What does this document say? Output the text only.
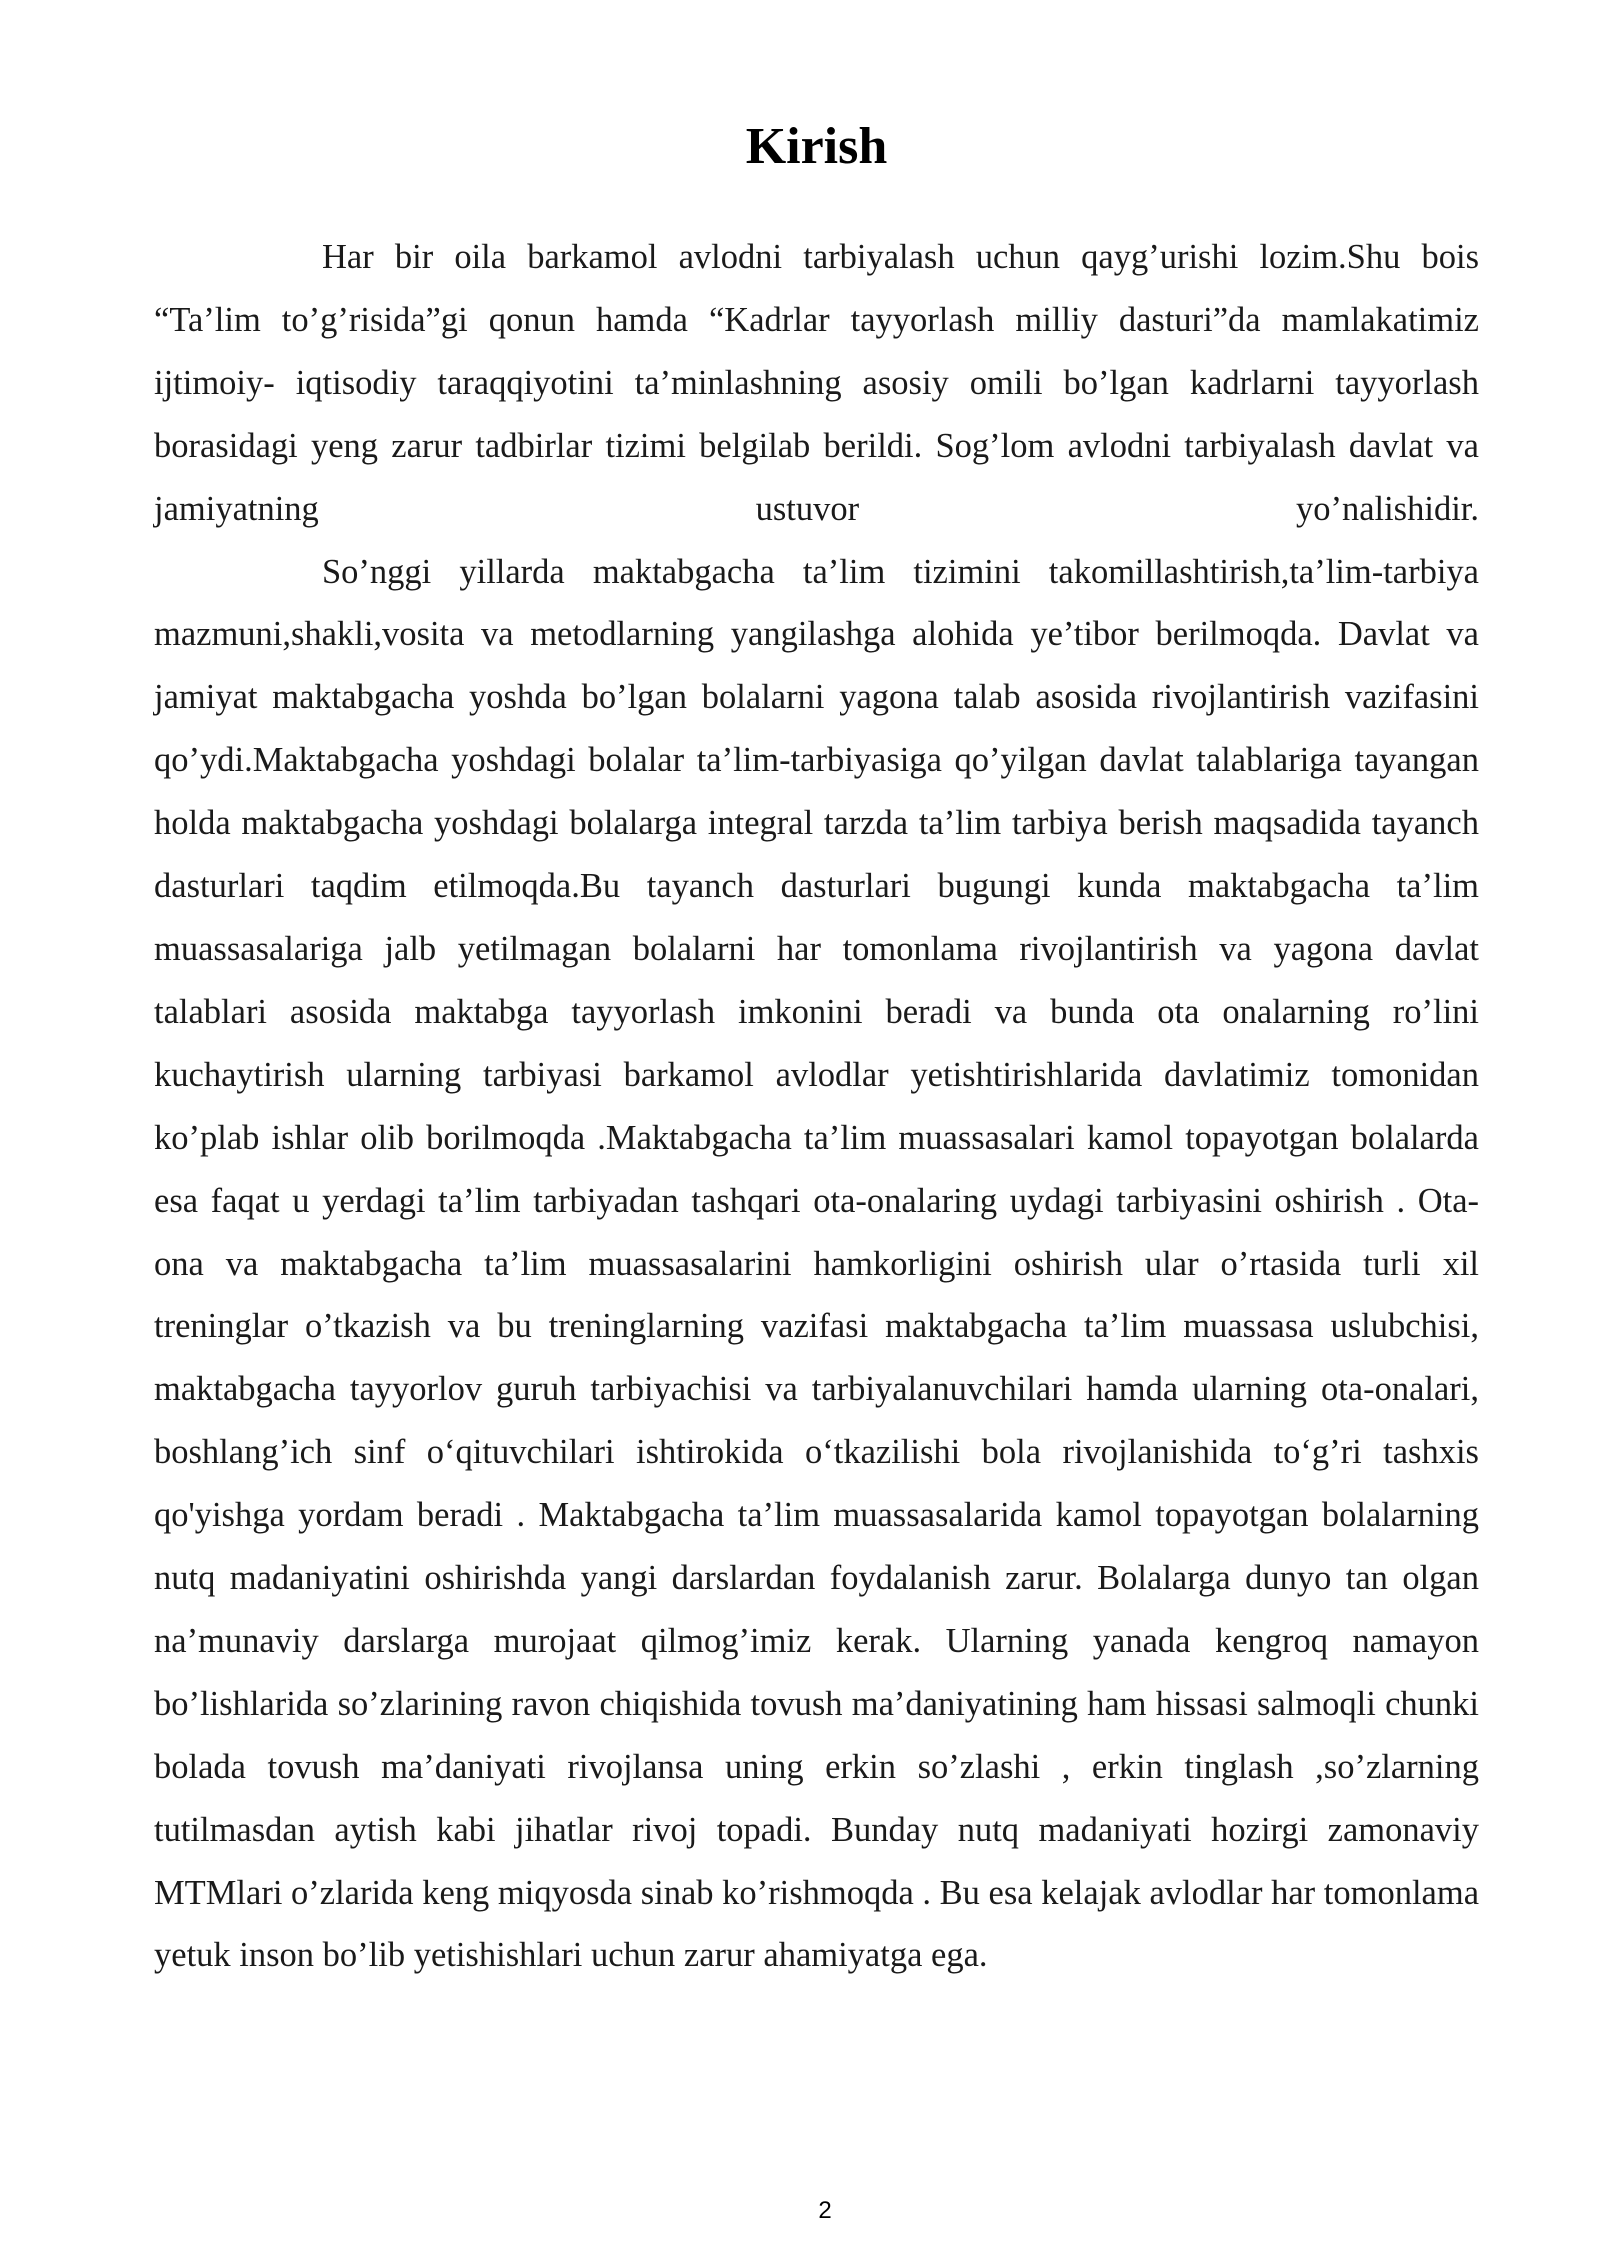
Kirish

Har bir oila barkamol avlodni tarbiyalash uchun qayg’urishi lozim.Shu bois “Ta’lim to’g’risida”gi qonun hamda “Kadrlar tayyorlash milliy dasturi”da mamlakatimiz ijtimoiy- iqtisodiy taraqqiyotini ta’minlashning asosiy omili bo’lgan kadrlarni tayyorlash borasidagi yeng zarur tadbirlar tizimi belgilab berildi. Sog’lom avlodni tarbiyalash davlat va jamiyatning ustuvor yo’nalishidir.

So’nggi yillarda maktabgacha ta’lim tizimini takomillashtirish,ta’lim-tarbiya mazmuni,shakli,vosita va metodlarning yangilashga alohida ye’tibor berilmoqda. Davlat va jamiyat maktabgacha yoshda bo’lgan bolalarni yagona talab asosida rivojlantirish vazifasini qo’ydi.Maktabgacha yoshdagi bolalar ta’lim-tarbiyasiga qo’yilgan davlat talablariga tayangan holda maktabgacha yoshdagi bolalarga integral tarzda ta’lim tarbiya berish maqsadida tayanch dasturlari taqdim etilmoqda.Bu tayanch dasturlari bugungi kunda maktabgacha ta’lim muassasalariga jalb yetilmagan bolalarni har tomonlama rivojlantirish va yagona davlat talablari asosida maktabga tayyorlash imkonini beradi va bunda ota onalarning ro’lini kuchaytirish ularning tarbiyasi barkamol avlodlar yetishtirishlarida davlatimiz tomonidan ko’plab ishlar olib borilmoqda .Maktabgacha ta’lim muassasalari kamol topayotgan bolalarda esa faqat u yerdagi ta’lim tarbiyadan tashqari ota-onalaring uydagi tarbiyasini oshirish . Ota-ona va maktabgacha ta’lim muassasalarini hamkorligini oshirish ular o’rtasida turli xil treninglar o’tkazish va bu treninglarning vazifasi maktabgacha ta’lim muassasa uslubchisi, maktabgacha tayyorlov guruh tarbiyachisi va tarbiyalanuvchilari hamda ularning ota-onalari, boshlang’ich sinf o‘qituvchilari ishtirokida o‘tkazilishi bola rivojlanishida to‘g’ri tashxis qo'yishga yordam beradi . Maktabgacha ta’lim muassasalarida kamol topayotgan bolalarning nutq madaniyatini oshirishda yangi darslardan foydalanish zarur. Bolalarga dunyo tan olgan na’munaviy darslarga murojaat qilmog’imiz kerak. Ularning yanada kengroq namayon bo’lishlarida so’zlarining ravon chiqishida tovush ma’daniyatining ham hissasi salmoqli chunki bolada tovush ma’daniyati rivojlansa uning erkin so’zlashi , erkin tinglash ,so’zlarning tutilmasdan aytish kabi jihatlar rivoj topadi. Bunday nutq madaniyati hozirgi zamonaviy MTMlari o’zlarida keng miqyosda sinab ko’rishmoqda . Bu esa kelajak avlodlar har tomonlama yetuk inson bo’lib yetishishlari uchun zarur ahamiyatga ega.

2
